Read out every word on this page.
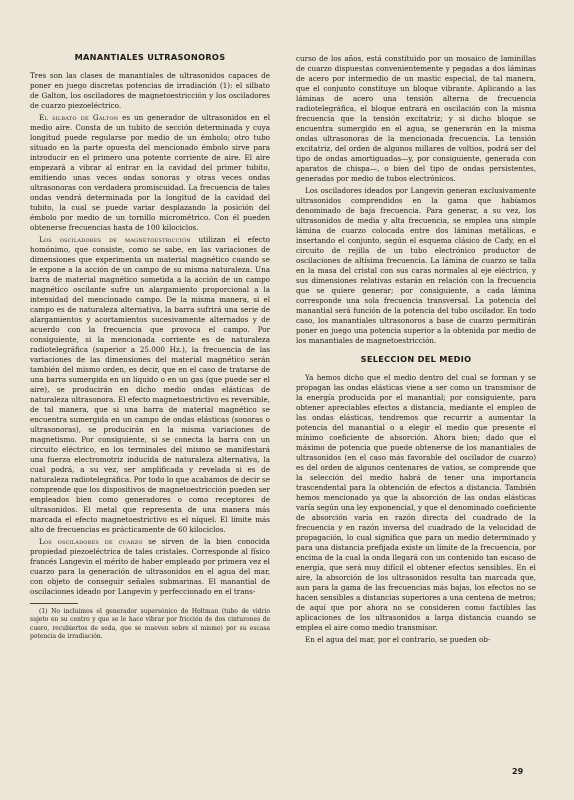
MANANTIALES ULTRASONOROS

Tres son las clases de manantiales de ultrasonidos capaces de poner en juego discretas potencias de irradiación (1): el silbato de Galton, los osciladores de magnetoestricción y los osciladores de cuarzo piezoeléctrico.

El silbato de Galton es un generador de ultrasonidos en el medio aire. Consta de un tubito de sección determinada y cuya longitud puede regularse por medio de un émbolo; otro tubo situado en la parte opuesta del mencionado émbolo sirve para introducir en el primero una potente corriente de aire. El aire empezará a vibrar al entrar en la cavidad del primer tubito, emitiendo unas veces ondas sonoras y otras veces ondas ultrasonoras con verdadera promiscuidad. La frecuencia de tales ondas vendrá determinada por la longitud de la cavidad del tubito, la cual se puede variar desplazando la posición del émbolo por medio de un tornillo micrométrico. Con él pueden obtenerse frecuencias hasta de 100 kilociclos.

Los osciladores de magnetoestricción utilizan el efecto homónimo, que consiste, como se sabe, en las variaciones de dimensiones que experimenta un material magnético cuando se le expone a la acción de un campo de su misma naturaleza. Una barra de material magnético sometida a la acción de un campo magnético oscilante sufre un alargamiento proporcional a la intensidad del mencionado campo. De la misma manera, si el campo es de naturaleza alternativa, la barra sufrirá una serie de alargamientos y acortamientos sucesivamente alternados y de acuerdo con la frecuencia que provoca el campo. Por consiguiente, si la mencionada corriente es de naturaleza radiotelegráfica (superior a 25.000 Hz.), la frecuencia de las variaciones de las dimensiones del material magnético serán también del mismo orden, es decir, que en el caso de tratarse de una barra sumergida en un líquido o en un gas (que puede ser el aire), se producirán en dicho medio ondas elásticas de naturaleza ultrasonora. El efecto magnetoestrictivo es reversible, de tal manera, que si una barra de material magnético se encuentra sumergida en un campo de ondas elásticas (sonoras o ultrasonoras), se producirán en la misma variaciones de magnetismo. Por consiguiente, si se conecta la barra con un circuito eléctrico, en los terminales del mismo se manifestará una fuerza electromotriz inducida de naturaleza alternativa, la cual podrá, a su vez, ser amplificada y revelada si es de naturaleza radiotelegráfica. Por todo lo que acabamos de decir se comprende que los dispositivos de magnetoestricción pueden ser empleados bien como generadores o como receptores de ultrasonidos. El metal que representa de una manera más marcada el efecto magnetoestrictivo es el níquel. El límite más alto de frecuencias es prácticamente de 60 kilociclos.

Los osciladores de cuarzo se sirven de la bien conocida propiedad piezoeléctrica de tales cristales. Corresponde al físico francés Langevin el mérito de haber empleado por primera vez el cuarzo para la generación de ultrasonidos en el agua del mar, con objeto de conseguir señales submarinas. El manantial de oscilaciones ideado por Langevin y perfeccionado en el trans-

(1) No incluimos el generador supersónico de Holtman (tubo de vidrio sujeto en su centro y que se le hace vibrar por fricción de dos cinturones de cuero, recubiertos de seda, que se mueven sobre el mismo) por su escasa potencia de irradiación.

curso de los años, está constituido por un mosaico de laminillas de cuarzo dispuestas convenientemente y pegadas a dos láminas de acero por intermedio de un mastic especial, de tal manera, que el conjunto constituye un bloque vibrante. Aplicando a las láminas de acero una tensión alterna de frecuencia radiotelegráfica, el bloque entrará en oscilación con la misma frecuencia que la tensión excitatriz; y si dicho bloque se encuentra sumergido en el agua, se generarán en la misma ondas ultrasonoras de la mencionada frecuencia. La tensión excitatriz, del orden de algunos millares de voltios, podrá ser del tipo de ondas amortiguadas—y, por consiguiente, generada con aparatos de chispa—, o bien del tipo de ondas persistentes, generadas por medio de tubos electrónicos.

Los osciladores ideados por Langevin generan exclusivamente ultrasonidos comprendidos en la gama que habíamos denominado de baja frecuencia. Para generar, a su vez, los ultrasonidos de media y alta frecuencia, se emplea una simple lámina de cuarzo colocada entre dos láminas metálicas, e insertando el conjunto, según el esquema clásico de Cady, en el circuito de rejilla de un tubo electrónico productor de oscilaciones de altísima frecuencia. La lámina de cuarzo se talla en la masa del cristal con sus caras normales al eje eléctrico, y sus dimensiones relativas estarán en relación con la frecuencia que se quiere generar; por consiguiente, a cada lámina corresponde una sola frecuencia transversal. La potencia del manantial será función de la potencia del tubo oscilador. En todo caso, los manantiales ultrasonoros a base de cuarzo permitirán poner en juego una potencia superior a la obtenida por medio de los manantiales de magnetoestricción.

SELECCION DEL MEDIO

Ya hemos dicho que el medio dentro del cual se forman y se propagan las ondas elásticas viene a ser como un transmisor de la energía producida por el manantial; por consiguiente, para obtener apreciables efectos a distancia, mediante el empleo de las ondas elásticas, tendremos que recurrir a aumentar la potencia del manantial o a elegir el medio que presente el mínimo coeficiente de absorción. Ahora bien; dado que el máximo de potencia que puede obtenerse de los manantiales de ultrasonidos (en el caso más favorable del oscilador de cuarzo) es del orden de algunos centenares de vatios, se comprende que la selección del medio habrá de tener una importancia trascendental para la obtención de efectos a distancia. También hemos mencionado ya que la absorción de las ondas elásticas varía según una ley exponencial, y que el denominado coeficiente de absorción varía en razón directa del cuadrado de la frecuencia y en razón inversa del cuadrado de la velocidad de propagación, lo cual significa que para un medio determinado y para una distancia prefijada existe un límite de la frecuencia, por encima de la cual la onda llegará con un contenido tan escaso de energía, que será muy difícil el obtener efectos sensibles. En el aire, la absorción de los ultrasonidos resulta tan marcada que, aun para la gama de las frecuencias más bajas, los efectos no se hacen sensibles a distancias superiores a una centena de metros; de aquí que por ahora no se consideren como factibles las aplicaciones de los ultrasonidos a larga distancia cuando se emplea el aire como medio transmisor.

En el agua del mar, por el contrario, se pueden ob-

29
